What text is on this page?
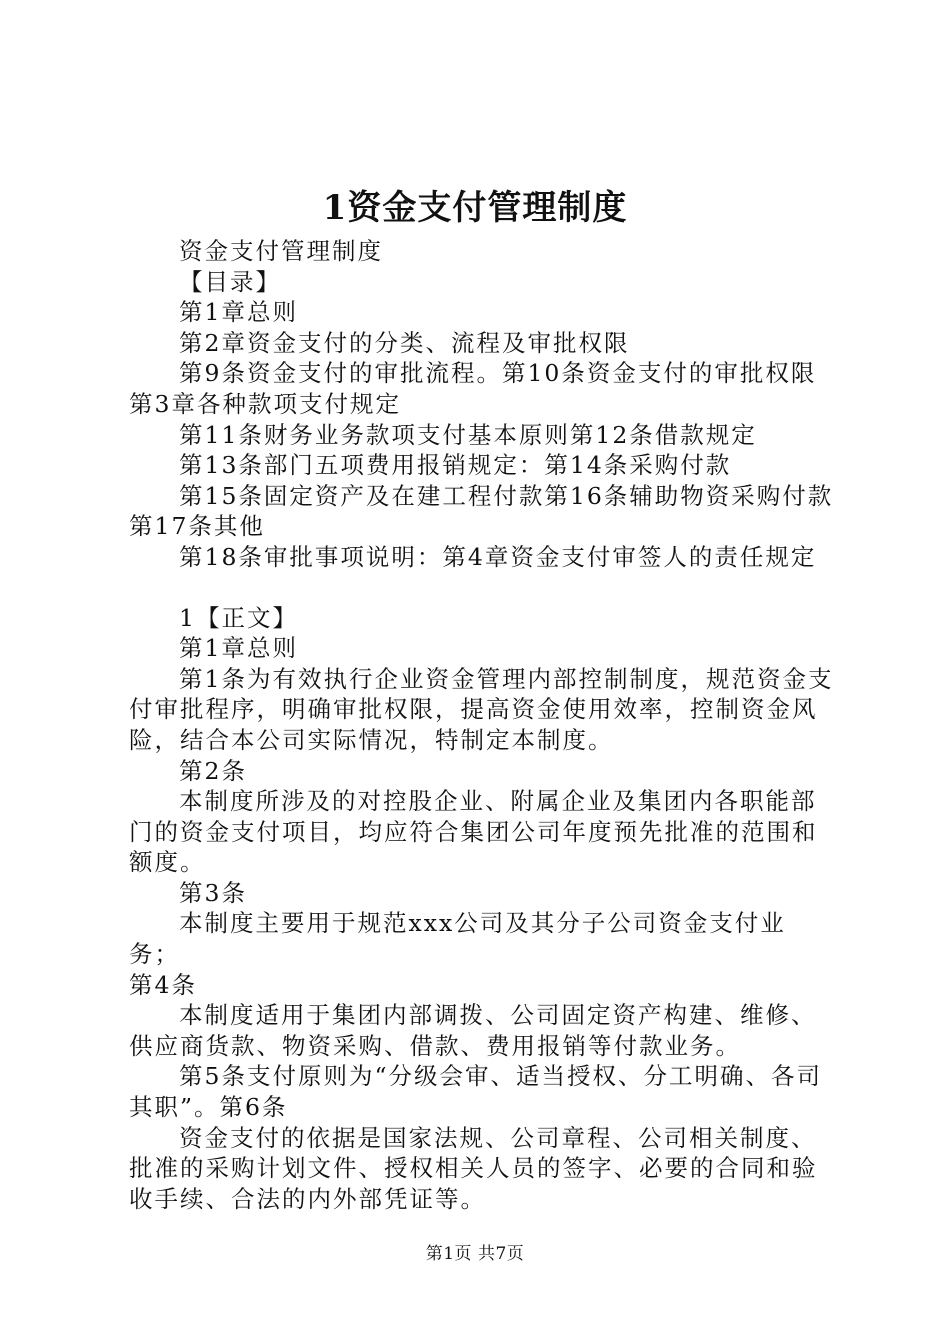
1资金支付管理制度

资金支付管理制度

【目录】

第1章总则

第2章资金支付的分类、流程及审批权限

第9条资金支付的审批流程。第10条资金支付的审批权限

第3章各种款项支付规定

第11条财务业务款项支付基本原则第12条借款规定

第13条部门五项费用报销规定：第14条采购付款

第15条固定资产及在建工程付款第16条辅助物资采购付款第17条其他

第18条审批事项说明：第4章资金支付审签人的责任规定

1【正文】

第1章总则

第1条为有效执行企业资金管理内部控制制度，规范资金支付审批程序，明确审批权限，提高资金使用效率，控制资金风险，结合本公司实际情况，特制定本制度。

第2条

本制度所涉及的对控股企业、附属企业及集团内各职能部门的资金支付项目，均应符合集团公司年度预先批准的范围和额度。

第3条

本制度主要用于规范xxx公司及其分子公司资金支付业务；

第4条

本制度适用于集团内部调拨、公司固定资产构建、维修、供应商货款、物资采购、借款、费用报销等付款业务。

第5条支付原则为“分级会审、适当授权、分工明确、各司其职”。第6条

资金支付的依据是国家法规、公司章程、公司相关制度、批准的采购计划文件、授权相关人员的签字、必要的合同和验收手续、合法的内外部凭证等。

第1页 共7页
